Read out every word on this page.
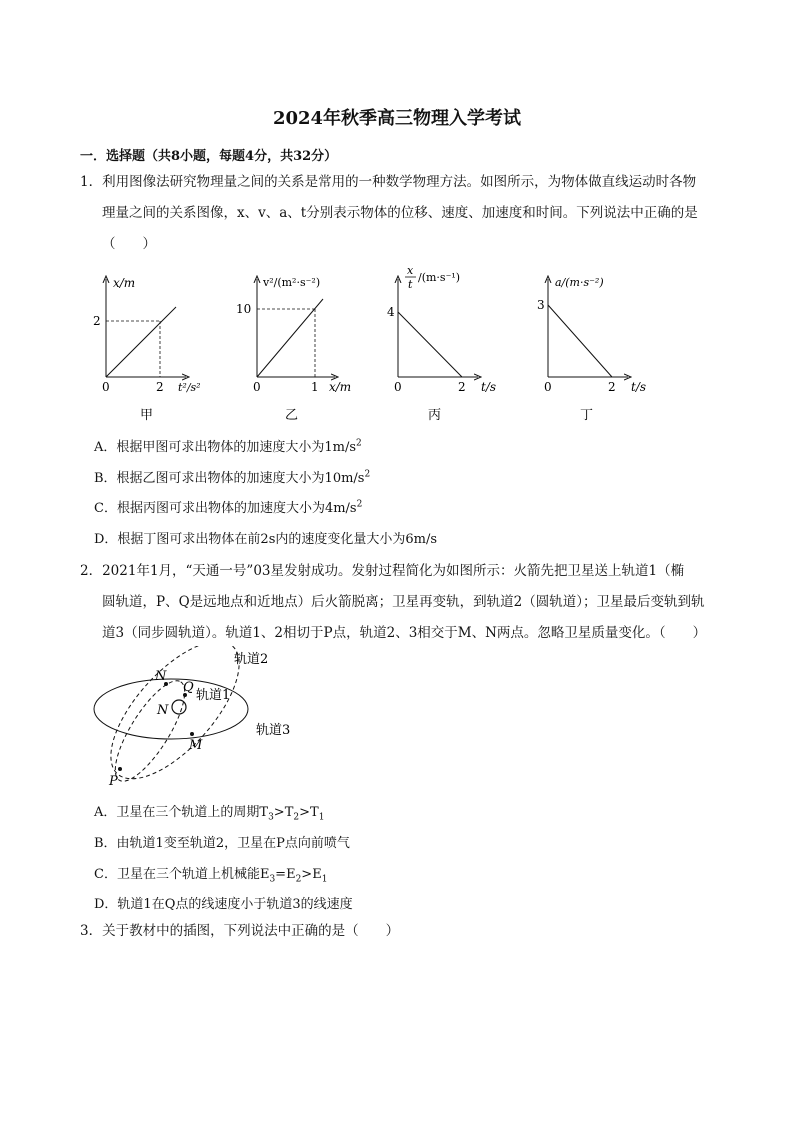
2024年秋季高三物理入学考试
一．选择题（共8小题，每题4分，共32分）
1．利用图像法研究物理量之间的关系是常用的一种数学物理方法。如图所示，为物体做直线运动时各物
理量之间的关系图像，x、v、a、t分别表示物体的位移、速度、加速度和时间。下列说法中正确的是
（　　）
x/m
t²/s²
2
2
0
甲
v²/(m²·s⁻²)
x/m
10
1
0
乙
x
t
/(m·s⁻¹)
t/s
4
2
0
丙
a/(m·s⁻²)
t/s
3
2
0
丁
A．根据甲图可求出物体的加速度大小为$1m/s^2$
B．根据乙图可求出物体的加速度大小为$10m/s^2$
C．根据丙图可求出物体的加速度大小为$4m/s^2$
D．根据丁图可求出物体在前2s内的速度变化量大小为6m/s
2．2021年1月，“天通一号”03星发射成功。发射过程简化为如图所示：火箭先把卫星送上轨道1（椭
圆轨道，P、Q是远地点和近地点）后火箭脱离；卫星再变轨，到轨道2（圆轨道）；卫星最后变轨到轨
道3（同步圆轨道）。轨道1、2相切于P点，轨道2、3相交于M、N两点。忽略卫星质量变化。（　　）
轨道2
轨道1
轨道3
N
Q
N
M
P
A．卫星在三个轨道上的周期$T_3>T_2>T_1$
B．由轨道1变至轨道2，卫星在P点向前喷气
C．卫星在三个轨道上机械能$E_3=E_2>E_1$
D．轨道1在Q点的线速度小于轨道3的线速度
3．关于教材中的插图，下列说法中正确的是（　　）
